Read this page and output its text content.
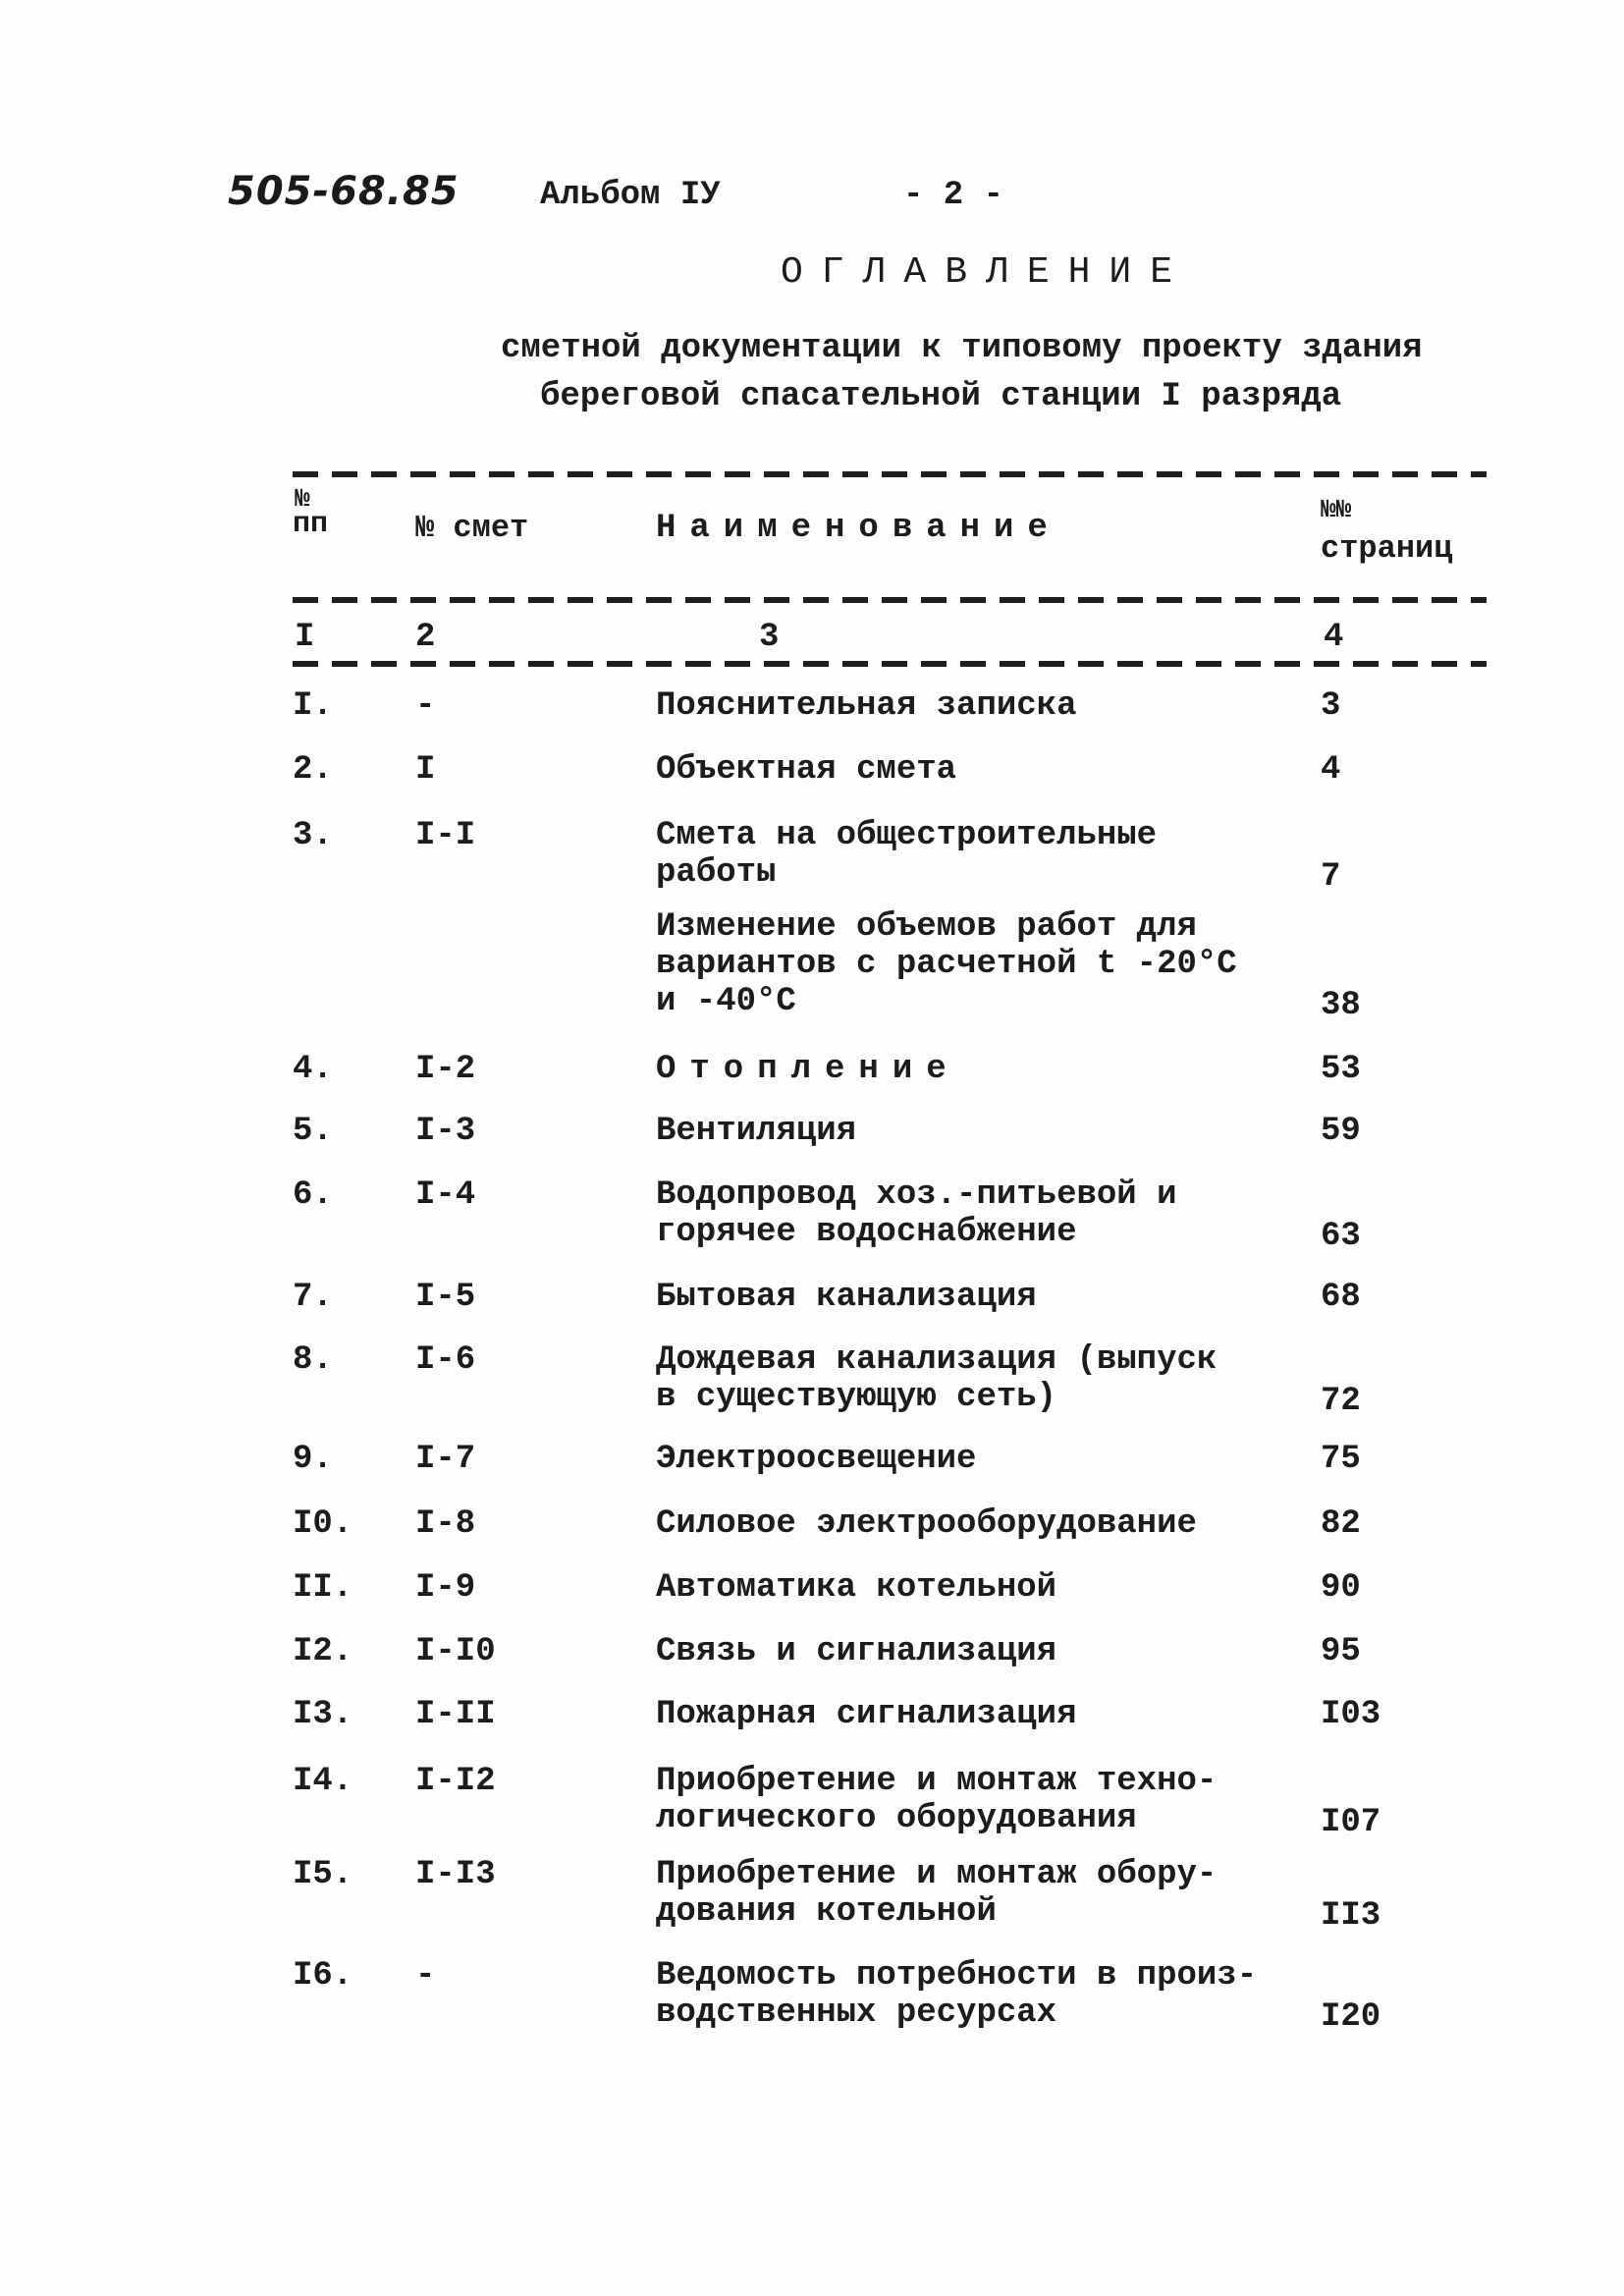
505-68.85 Альбом IУ	- 2 -
ОГЛАВЛЕНИЕ
сметной документации к типовому проекту здания
береговой спасательной станции I разряда
№
пп	№ смет	Наименование	№№
страниц
I	2	3	4
I. -	Пояснительная записка	3
2. I	Объектная смета	4
3. I-I	Смета на общестроительные
работы	7
Изменение объемов работ для
вариантов с расчетной t -20°C
и -40°C	38
4. I-2	Отопление	53
5. I-3	Вентиляция	59
6. I-4	Водопровод хоз.-питьевой и
горячее водоснабжение	63
7. I-5	Бытовая канализация	68
8. I-6	Дождевая канализация (выпуск
в существующую сеть)	72
9. I-7	Электроосвещение	75
I0. I-8	Силовое электрооборудование	82
II. I-9	Автоматика котельной	90
I2. I-I0	Связь и сигнализация	95
I3. I-II	Пожарная сигнализация	I03
I4. I-I2	Приобретение и монтаж техно-
логического оборудования	I07
I5. I-I3	Приобретение и монтаж обору-
дования котельной	II3
I6. -	Ведомость потребности в произ-
водственных ресурсах	I20
